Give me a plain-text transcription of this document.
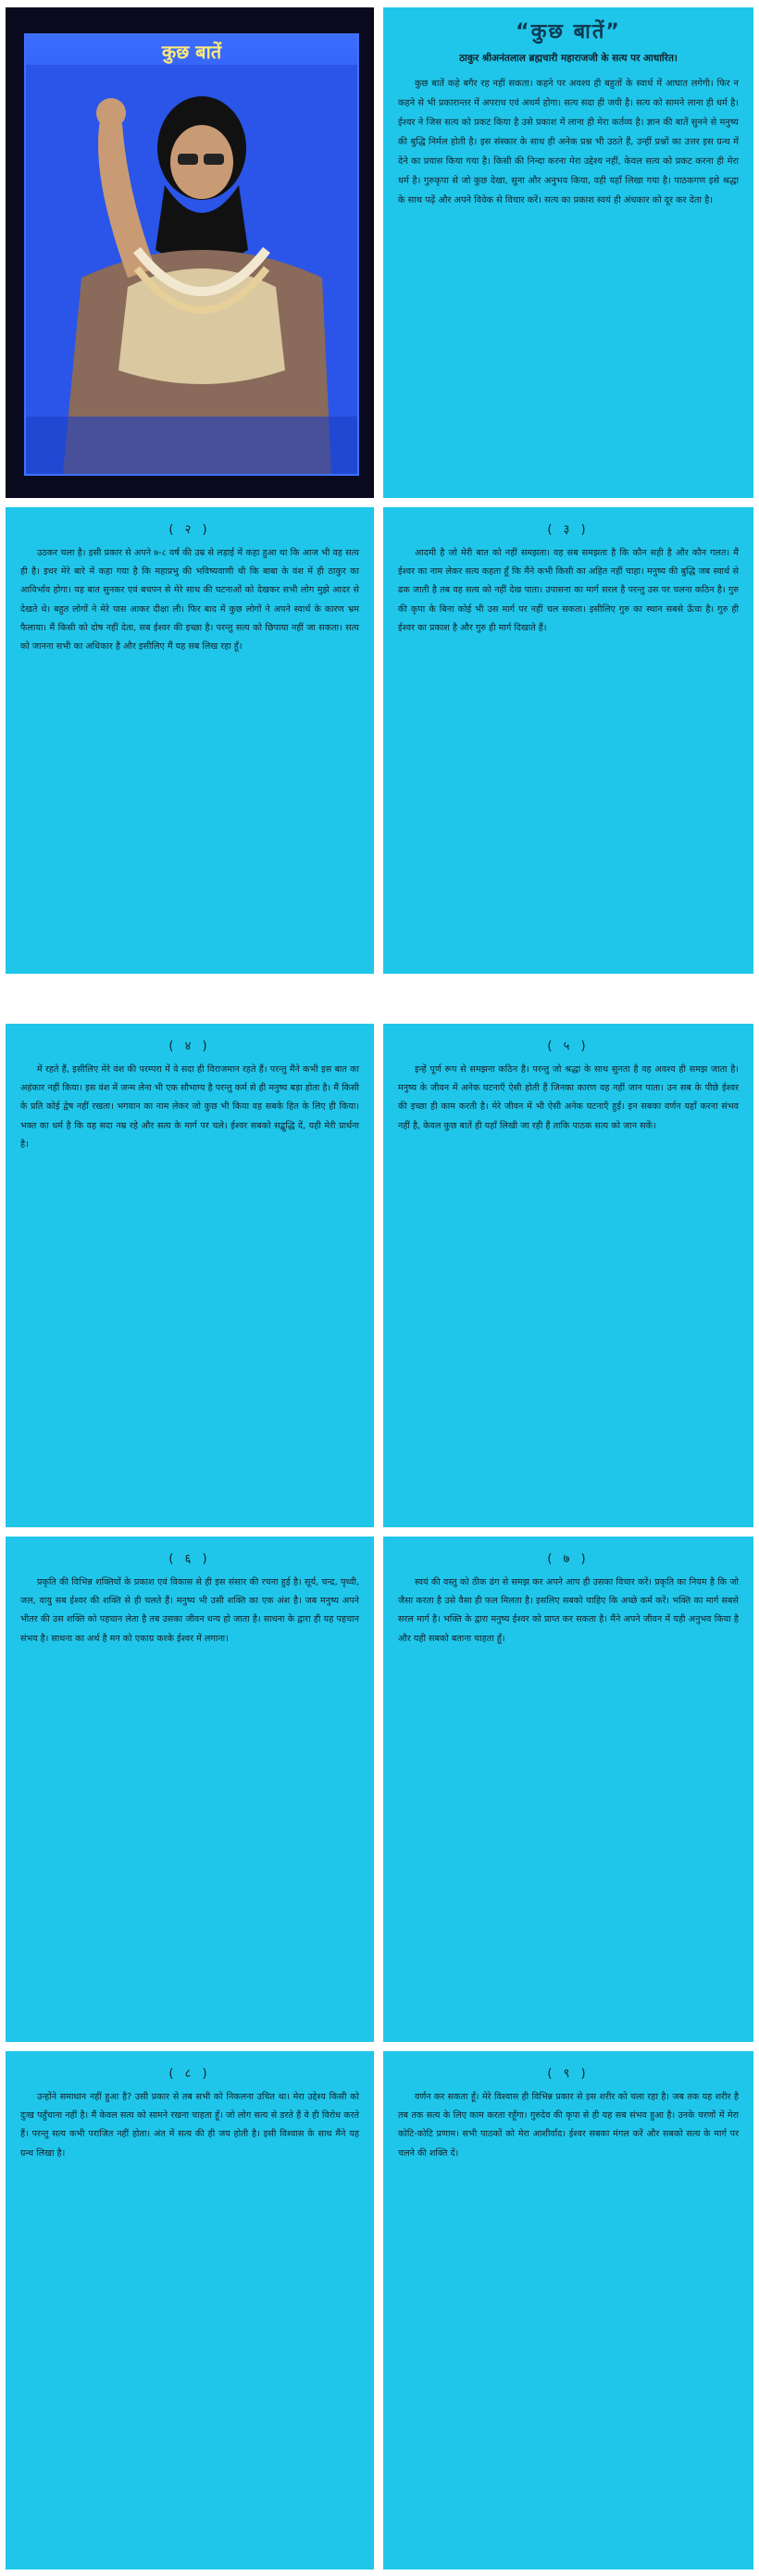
कुछ बातें
“कुछ बातें”
ठाकुर श्रीअनंतलाल ब्रह्मचारी महाराजजी के सत्य पर आधारित।

कुछ बातें कहे बगैर रह नहीं सकता। कहने पर अवश्य ही बहुतों के स्वार्थ में आघात लगेगी। फिर न कहने से भी प्रकारान्तर में अपराध एवं अधर्म होगा। सत्य सदा ही जयी है। सत्य को सामने लाना ही धर्म है। ईश्वर ने जिस सत्य को प्रकट किया है उसे प्रकाश में लाना ही मेरा कर्तव्य है। ज्ञान की बातें सुनने से मनुष्य की बुद्धि निर्मल होती है। इस संस्कार के साथ ही अनेक प्रश्न भी उठते हैं, उन्हीं प्रश्नों का उत्तर इस ग्रन्थ में देने का प्रयास किया गया है। किसी की निन्दा करना मेरा उद्देश्य नहीं, केवल सत्य को प्रकट करना ही मेरा धर्म है। गुरुकृपा से जो कुछ देखा, सुना और अनुभव किया, वही यहाँ लिखा गया है। पाठकगण इसे श्रद्धा के साथ पढ़ें और अपने विवेक से विचार करें। सत्य का प्रकाश स्वयं ही अंधकार को दूर कर देता है।

( २ )

उठकर चला है। इसी प्रकार से अपने ७-८ वर्ष की उम्र से लड़ाई में कहा हुआ था कि आज भी वह सत्य ही है। इधर मेरे बारे में कहा गया है कि महाप्रभु की भविष्यवाणी थी कि बाबा के वंश में ही ठाकुर का आविर्भाव होगा। यह बात सुनकर एवं बचपन से मेरे साथ की घटनाओं को देखकर सभी लोग मुझे आदर से देखते थे। बहुत लोगों ने मेरे पास आकर दीक्षा ली। फिर बाद में कुछ लोगों ने अपने स्वार्थ के कारण भ्रम फैलाया। मैं किसी को दोष नहीं देता, सब ईश्वर की इच्छा है। परन्तु सत्य को छिपाया नहीं जा सकता। सत्य को जानना सभी का अधिकार है और इसीलिए मैं यह सब लिख रहा हूँ।

( ३ )

आदमी है जो मेरी बात को नहीं समझता। वह सब समझता है कि कौन सही है और कौन गलत। मैं ईश्वर का नाम लेकर सत्य कहता हूँ कि मैंने कभी किसी का अहित नहीं चाहा। मनुष्य की बुद्धि जब स्वार्थ से ढक जाती है तब वह सत्य को नहीं देख पाता। उपासना का मार्ग सरल है परन्तु उस पर चलना कठिन है। गुरु की कृपा के बिना कोई भी उस मार्ग पर नहीं चल सकता। इसीलिए गुरु का स्थान सबसे ऊँचा है। गुरु ही ईश्वर का प्रकाश है और गुरु ही मार्ग दिखाते हैं।

( ४ )

में रहते हैं, इसीलिए मेरे वंश की परम्परा में वे सदा ही विराजमान रहते हैं। परन्तु मैंने कभी इस बात का अहंकार नहीं किया। इस वंश में जन्म लेना भी एक सौभाग्य है परन्तु कर्म से ही मनुष्य बड़ा होता है। मैं किसी के प्रति कोई द्वेष नहीं रखता। भगवान का नाम लेकर जो कुछ भी किया वह सबके हित के लिए ही किया। भक्त का धर्म है कि वह सदा नम्र रहे और सत्य के मार्ग पर चले। ईश्वर सबको सद्बुद्धि दें, यही मेरी प्रार्थना है।

( ५ )

इन्हें पूर्ण रूप से समझना कठिन है। परन्तु जो श्रद्धा के साथ सुनता है वह अवश्य ही समझ जाता है। मनुष्य के जीवन में अनेक घटनाएँ ऐसी होती हैं जिनका कारण वह नहीं जान पाता। उन सब के पीछे ईश्वर की इच्छा ही काम करती है। मेरे जीवन में भी ऐसी अनेक घटनाएँ हुईं। इन सबका वर्णन यहाँ करना संभव नहीं है, केवल कुछ बातें ही यहाँ लिखी जा रही हैं ताकि पाठक सत्य को जान सकें।

( ६ )

प्रकृति की विभिन्न शक्तियों के प्रकाश एवं विकास से ही इस संसार की रचना हुई है। सूर्य, चन्द्र, पृथ्वी, जल, वायु सब ईश्वर की शक्ति से ही चलते हैं। मनुष्य भी उसी शक्ति का एक अंश है। जब मनुष्य अपने भीतर की उस शक्ति को पहचान लेता है तब उसका जीवन धन्य हो जाता है। साधना के द्वारा ही यह पहचान संभव है। साधना का अर्थ है मन को एकाग्र करके ईश्वर में लगाना।

( ७ )

स्वयं की वस्तु को ठीक ढंग से समझ कर अपने आप ही उसका विचार करें। प्रकृति का नियम है कि जो जैसा करता है उसे वैसा ही फल मिलता है। इसलिए सबको चाहिए कि अच्छे कर्म करें। भक्ति का मार्ग सबसे सरल मार्ग है। भक्ति के द्वारा मनुष्य ईश्वर को प्राप्त कर सकता है। मैंने अपने जीवन में यही अनुभव किया है और यही सबको बताना चाहता हूँ।

( ८ )

उन्होंने समाधान नहीं हुआ है? उसी प्रकार से तब सभी को निकलना उचित था। मेरा उद्देश्य किसी को दुःख पहुँचाना नहीं है। मैं केवल सत्य को सामने रखना चाहता हूँ। जो लोग सत्य से डरते हैं वे ही विरोध करते हैं। परन्तु सत्य कभी पराजित नहीं होता। अंत में सत्य की ही जय होती है। इसी विश्वास के साथ मैंने यह ग्रन्थ लिखा है।

( ९ )

वर्णन कर सकता हूँ। मेरे विश्वास ही विभिन्न प्रकार से इस शरीर को चला रहा है। जब तक यह शरीर है तब तक सत्य के लिए काम करता रहूँगा। गुरुदेव की कृपा से ही यह सब संभव हुआ है। उनके चरणों में मेरा कोटि-कोटि प्रणाम। सभी पाठकों को मेरा आशीर्वाद। ईश्वर सबका मंगल करें और सबको सत्य के मार्ग पर चलने की शक्ति दें।
